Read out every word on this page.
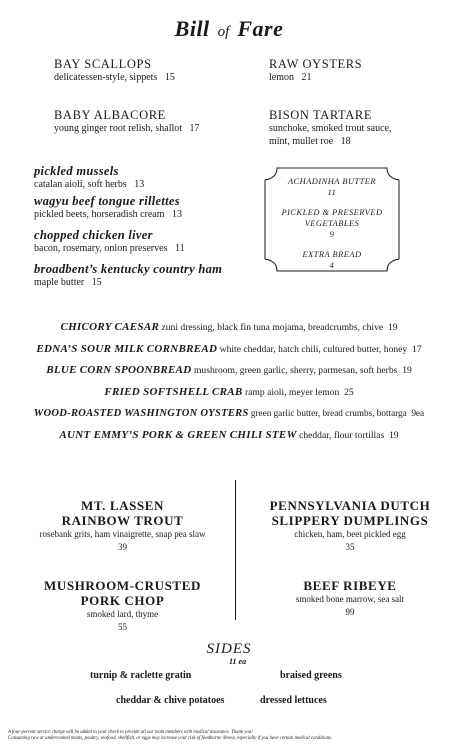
Bill of Fare
BAY SCALLOPS
delicatessen-style, sippets 15
BABY ALBACORE
young ginger root relish, shallot 17
RAW OYSTERS
lemon 21
BISON TARTARE
sunchoke, smoked trout sauce,
mint, mullet roe 18
pickled mussels
catalan aioli, soft herbs 13
wagyu beef tongue rillettes
pickled beets, horseradish cream 13
chopped chicken liver
bacon, rosemary, onion preserves 11
broadbent’s kentucky country ham
maple butter 15
ACHADINHA BUTTER
11
PICKLED & PRESERVED
VEGETABLES
9
EXTRA BREAD
4
CHICORY CAESAR zuni dressing, black fin tuna mojama, breadcrumbs, chive 19
EDNA’S SOUR MILK CORNBREAD white cheddar, hatch chili, cultured butter, honey 17
BLUE CORN SPOONBREAD mushroom, green garlic, sherry, parmesan, soft herbs 19
FRIED SOFTSHELL CRAB ramp aioli, meyer lemon 25
WOOD-ROASTED WASHINGTON OYSTERS green garlic butter, bread crumbs, bottarga 9ea
AUNT EMMY’S PORK & GREEN CHILI STEW cheddar, flour tortillas 19
MT. LASSEN
RAINBOW TROUT
rosebank grits, ham vinaigrette, snap pea slaw
39
PENNSYLVANIA DUTCH
SLIPPERY DUMPLINGS
chicken, ham, beet pickled egg
35
MUSHROOM-CRUSTED
PORK CHOP
smoked lard, thyme
55
BEEF RIBEYE
smoked bone marrow, sea salt
99
SIDES
11 ea
turnip & raclette gratin	braised greens
cheddar & chive potatoes	dressed lettuces
A four-percent service charge will be added to your check to provide all our team members with medical insurance. Thank you!
Consuming raw or undercooked meats, poultry, seafood, shellfish, or eggs may increase your risk of foodborne illness, especially if you have certain medical conditions.
